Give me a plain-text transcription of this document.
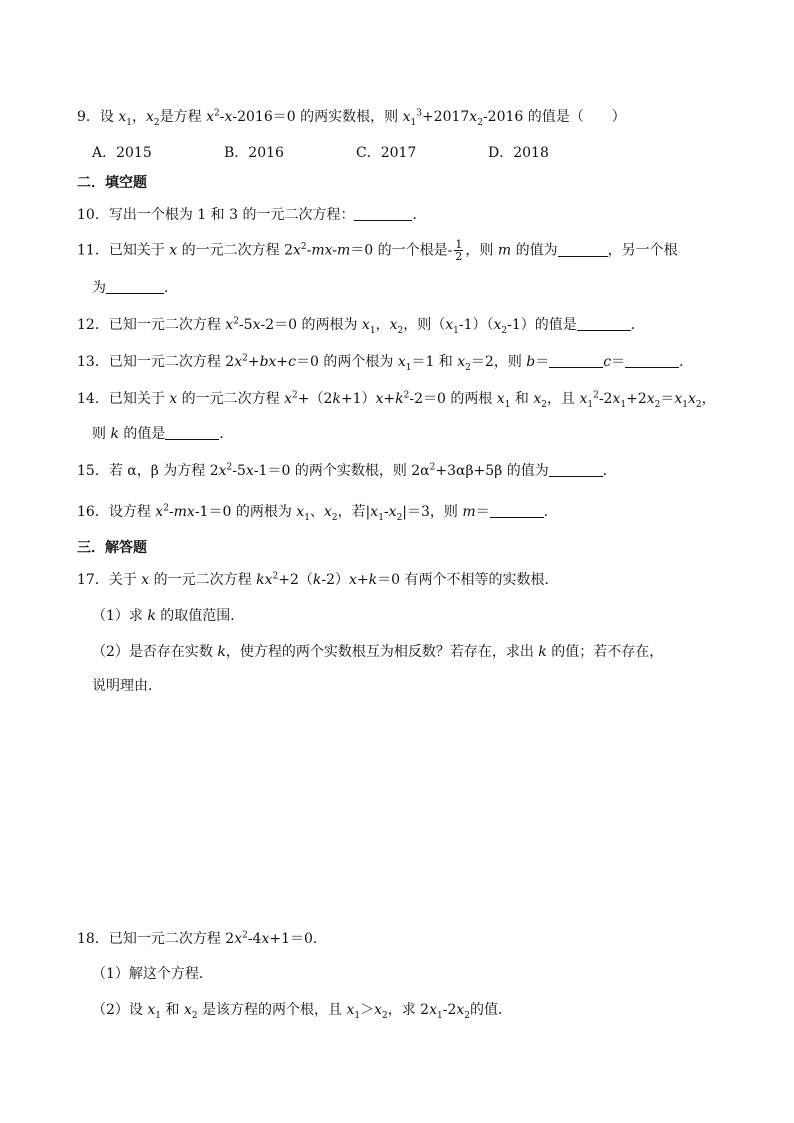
9．设 $x_1$，$x_2$是方程 $x^2-x-2016=0$ 的两实数根，则 $x_1^3+2017x_2-2016$ 的值是（　　）
A．2015	B．2016	C．2017	D．2018
二．填空题
10．写出一个根为 1 和 3 的一元二次方程：	．
11．已知关于 x 的一元二次方程 $2x^2-mx-m=0$ 的一个根是- $\frac{1}{2}$ ，则 m 的值为	，另一个根
为	．
12．已知一元二次方程 $x^2-5x-2=0$ 的两根为 $x_1$，$x_2$，则$(x_1-1)(x_2-1)$的值是	．
13．已知一元二次方程 $2x^2+bx+c=0$ 的两个根为 $x_1=1$ 和 $x_2=2$，则 b＝	c＝	．
14．已知关于 x 的一元二次方程 $x^2+(2k+1)x+k^2-2=0$ 的两根 $x_1$ 和 $x_2$，且 $x_1^2-2x_1+2x_2=x_1x_2$，
则 k 的值是	．
15．若 α，β 为方程 $2x^2-5x-1=0$ 的两个实数根，则 $2\alpha^2+3\alpha\beta+5\beta$ 的值为	．
16．设方程 $x^2-mx-1=0$ 的两根为 $x_1$、$x_2$，若$|x_1-x_2|=3$，则 m＝	．
三．解答题
17．关于 x 的一元二次方程 $kx^2+2(k-2)x+k=0$ 有两个不相等的实数根．
（1）求 k 的取值范围．
（2）是否存在实数 k，使方程的两个实数根互为相反数？若存在，求出 k 的值；若不存在，
说明理由．
18．已知一元二次方程 $2x^2-4x+1=0$．
（1）解这个方程．
（2）设 $x_1$ 和 $x_2$ 是该方程的两个根，且 $x_1>x_2$，求 $2x_1-2x_2$的值．
